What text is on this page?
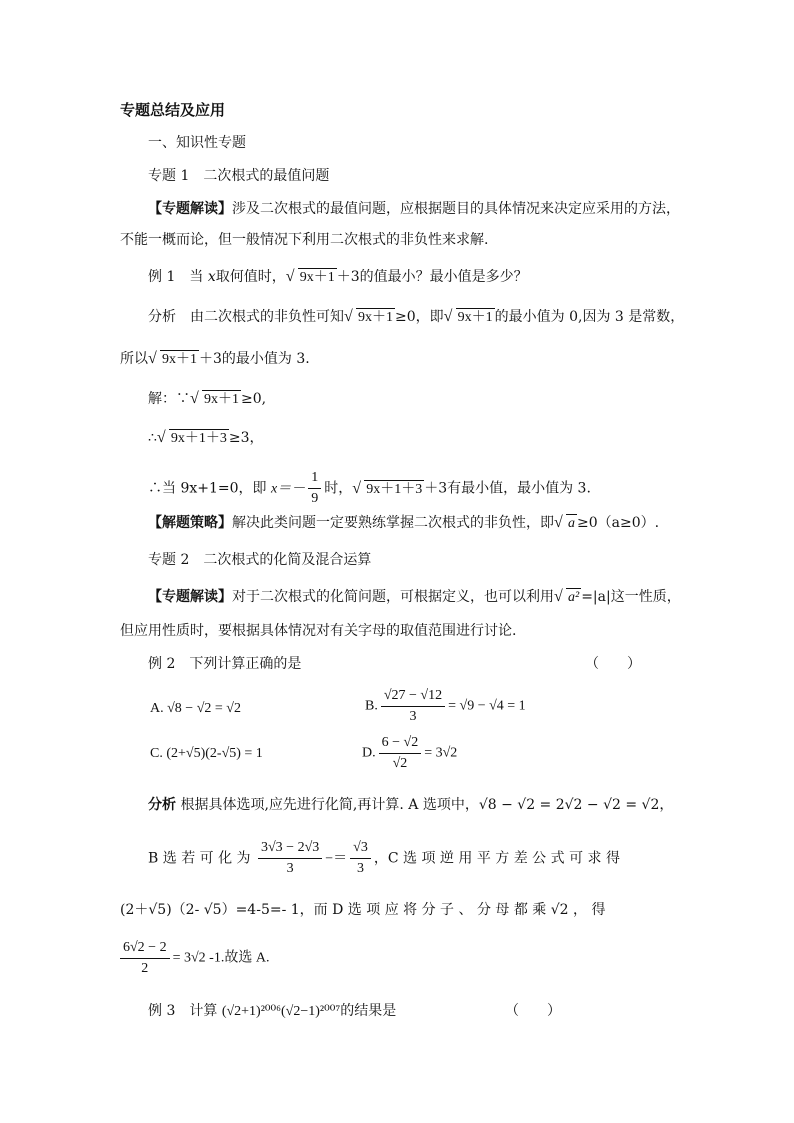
专题总结及应用
一、知识性专题
专题 1　二次根式的最值问题
【专题解读】涉及二次根式的最值问题，应根据题目的具体情况来决定应采用的方法，
不能一概而论，但一般情况下利用二次根式的非负性来求解.
例 1　当 x取何值时， √ 9x＋1 ＋3的值最小？最小值是多少？
分析　由二次根式的非负性可知 √ 9x＋1 ≥0，即 √ 9x＋1 的最小值为 0,因为 3 是常数，
所以 √ 9x＋1 ＋3的最小值为 3.
解：∵ √ 9x＋1 ≥0,
∴ √ 9x＋1＋3 ≥3，
∴当 9x+1=0，即 $x=- \frac{1}{9}$ 时， √ 9x＋1＋3 ＋3有最小值，最小值为 3.
【解题策略】解决此类问题一定要熟练掌握二次根式的非负性，即 √ a ≥0（a≥0）.
专题 2　二次根式的化简及混合运算
【专题解读】对于二次根式的化简问题，可根据定义，也可以利用 √ a² =|a|这一性质，
但应用性质时，要根据具体情况对有关字母的取值范围进行讨论.
例 2　下列计算正确的是	（　　）
A. √8 − √2 = √2	B. $\frac{√27 - √12}{3} = √9 - √4 = 1$
C. (2+√5)(2-√5) = 1	D. $\frac{6 - √2}{√2} = 3√2$
分析 根据具体选项,应先进行化简,再计算. A 选项中，√8 − √2 = 2√2 − √2 = √2，
B 选 若 可 化 为 $\frac{3√3 - 2√3}{3} -= \frac{√3}{3}$ ，C 选 项 逆 用 平 方 差 公 式 可 求 得
(2＋√5)（2- √5）=4-5=- 1，而 D 选 项 应 将 分 子 、 分 母 都 乘 √2 ， 得
$\frac{6√2 - 2}{2} = 3√2$ -1.故选 A.
例 3　计算 (√2+1)²⁰⁰⁶(√2−1)²⁰⁰⁷的结果是	（　　）
